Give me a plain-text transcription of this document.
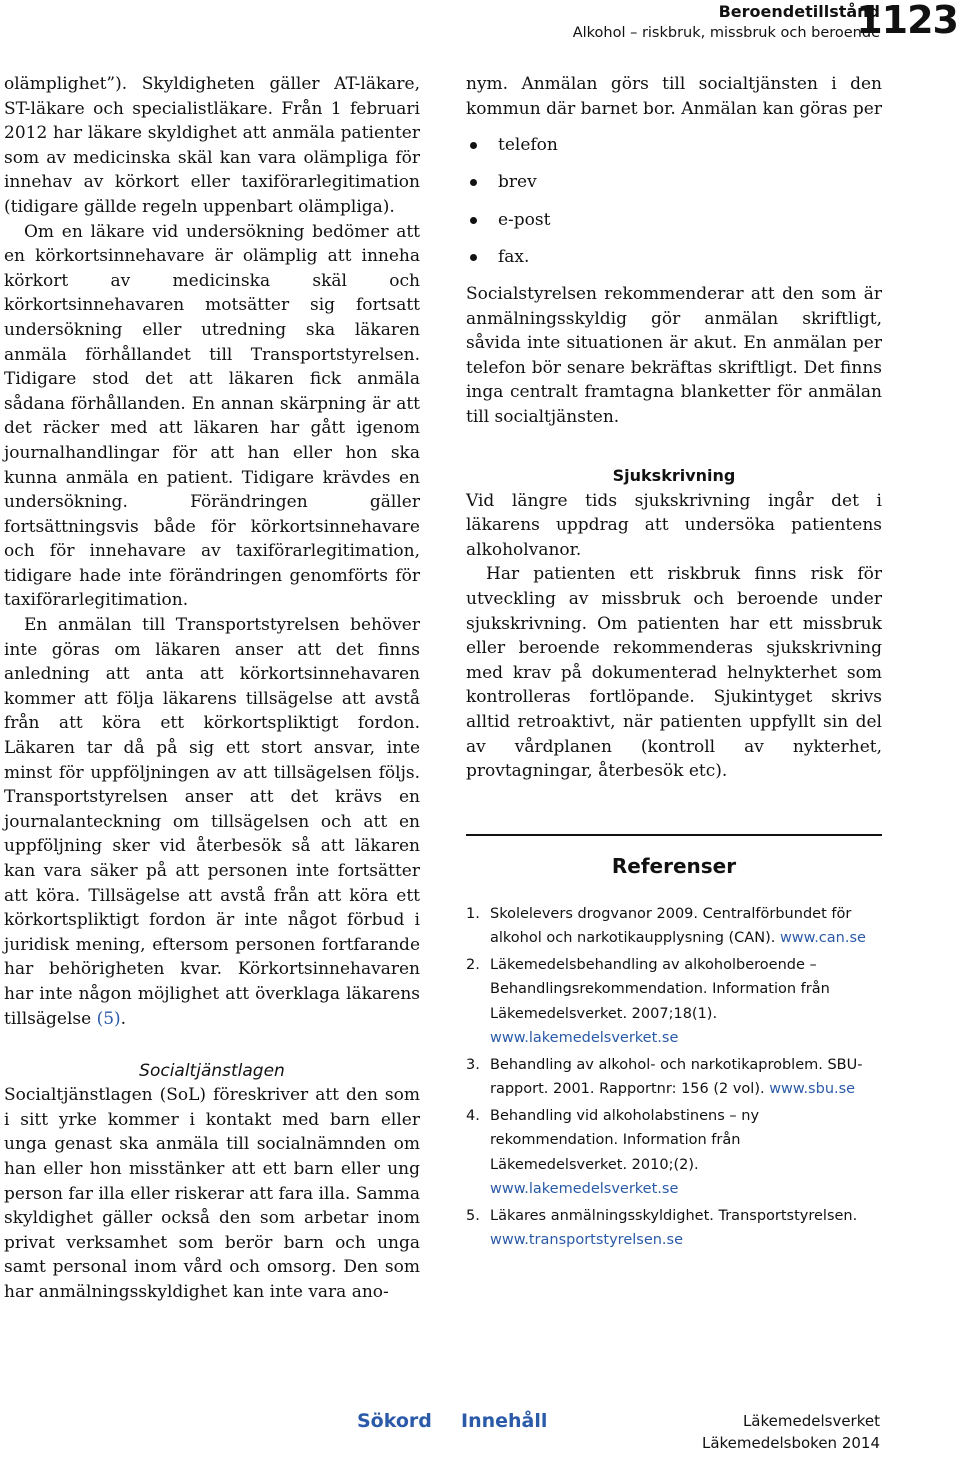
Beroendetillstånd
Alkohol – riskbruk, missbruk och beroende
1123

olämplighet”). Skyldigheten gäller AT-läkare, ST-läkare och specialistläkare. Från 1 februari 2012 har läkare skyldighet att anmäla patienter som av medicinska skäl kan vara olämpliga för innehav av körkort eller taxiförarlegitimation (tidigare gällde regeln uppenbart olämpliga).

Om en läkare vid undersökning bedömer att en körkortsinnehavare är olämplig att inneha körkort av medicinska skäl och körkortsinnehavaren motsätter sig fortsatt undersökning eller utredning ska läkaren anmäla förhållandet till Transportstyrelsen. Tidigare stod det att läkaren fick anmäla sådana förhållanden. En annan skärpning är att det räcker med att läkaren har gått igenom journalhandlingar för att han eller hon ska kunna anmäla en patient. Tidigare krävdes en undersökning. Förändringen gäller fortsättningsvis både för körkortsinnehavare och för innehavare av taxiförarlegitimation, tidigare hade inte förändringen genomförts för taxiförarlegitimation.

En anmälan till Transportstyrelsen behöver inte göras om läkaren anser att det finns anledning att anta att körkortsinnehavaren kommer att följa läkarens tillsägelse att avstå från att köra ett körkortspliktigt fordon. Läkaren tar då på sig ett stort ansvar, inte minst för uppföljningen av att tillsägelsen följs. Transportstyrelsen anser att det krävs en journalanteckning om tillsägelsen och att en uppföljning sker vid återbesök så att läkaren kan vara säker på att personen inte fortsätter att köra. Tillsägelse att avstå från att köra ett körkortspliktigt fordon är inte något förbud i juridisk mening, eftersom personen fortfarande har behörigheten kvar. Körkortsinnehavaren har inte någon möjlighet att överklaga läkarens tillsägelse (5).

Socialtjänstlagen

Socialtjänstlagen (SoL) föreskriver att den som i sitt yrke kommer i kontakt med barn eller unga genast ska anmäla till socialnämnden om han eller hon misstänker att ett barn eller ung person far illa eller riskerar att fara illa. Samma skyldighet gäller också den som arbetar inom privat verksamhet som berör barn och unga samt personal inom vård och omsorg. Den som har anmälningsskyldighet kan inte vara ano-

nym. Anmälan görs till socialtjänsten i den kommun där barnet bor. Anmälan kan göras per

telefon
brev
e-post
fax.

Socialstyrelsen rekommenderar att den som är anmälningsskyldig gör anmälan skriftligt, såvida inte situationen är akut. En anmälan per telefon bör senare bekräftas skriftligt. Det finns inga centralt framtagna blanketter för anmälan till socialtjänsten.

Sjukskrivning

Vid längre tids sjukskrivning ingår det i läkarens uppdrag att undersöka patientens alkoholvanor.

Har patienten ett riskbruk finns risk för utveckling av missbruk och beroende under sjukskrivning. Om patienten har ett missbruk eller beroende rekommenderas sjukskrivning med krav på dokumenterad helnykterhet som kontrolleras fortlöpande. Sjukintyget skrivs alltid retroaktivt, när patienten uppfyllt sin del av vårdplanen (kontroll av nykterhet, provtagningar, återbesök etc).

Referenser
1. Skolelevers drogvanor 2009. Centralförbundet för alkohol och narkotikaupplysning (CAN). www.can.se
2. Läkemedelsbehandling av alkoholberoende – Behandlingsrekommendation. Information från Läkemedelsverket. 2007;18(1). www.lakemedelsverket.se
3. Behandling av alkohol- och narkotikaproblem. SBU-rapport. 2001. Rapportnr: 156 (2 vol). www.sbu.se
4. Behandling vid alkoholabstinens – ny rekommendation. Information från Läkemedelsverket. 2010;(2). www.lakemedelsverket.se
5. Läkares anmälningsskyldighet. Transportstyrelsen. www.transportstyrelsen.se
Sökord Innehåll	Läkemedelsverket
Läkemedelsboken 2014
